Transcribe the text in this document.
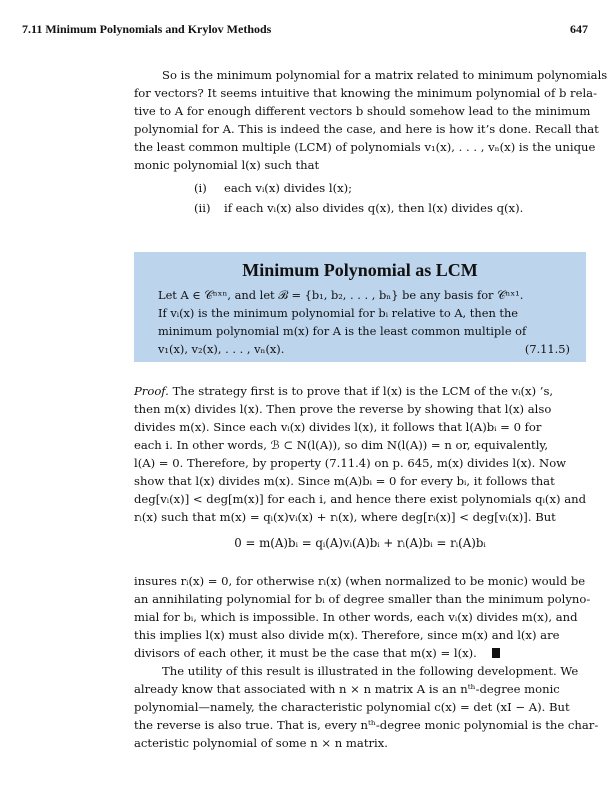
7.11 Minimum Polynomials and Krylov Methods	647
So is the minimum polynomial for a matrix related to minimum polynomials
for vectors? It seems intuitive that knowing the minimum polynomial of b rela-
tive to A for enough different vectors b should somehow lead to the minimum
polynomial for A. This is indeed the case, and here is how it’s done. Recall that
the least common multiple (LCM) of polynomials v₁(x), . . . , vₙ(x) is the unique
monic polynomial l(x) such that
(i)	each vᵢ(x) divides l(x);
(ii)	if each vᵢ(x) also divides q(x), then l(x) divides q(x).
Minimum Polynomial as LCM
Let A ∈ 𝒞ⁿˣⁿ, and let ℬ = {b₁, b₂, . . . , bₙ} be any basis for 𝒞ⁿˣ¹.
If vᵢ(x) is the minimum polynomial for bᵢ relative to A, then the
minimum polynomial m(x) for A is the least common multiple of
v₁(x), v₂(x), . . . , vₙ(x).	(7.11.5)
Proof. The strategy first is to prove that if l(x) is the LCM of the vᵢ(x) ’s,
then m(x) divides l(x). Then prove the reverse by showing that l(x) also
divides m(x). Since each vᵢ(x) divides l(x), it follows that l(A)bᵢ = 0 for
each i. In other words, ℬ ⊂ N(l(A)), so dim N(l(A)) = n or, equivalently,
l(A) = 0. Therefore, by property (7.11.4) on p. 645, m(x) divides l(x). Now
show that l(x) divides m(x). Since m(A)bᵢ = 0 for every bᵢ, it follows that
deg[vᵢ(x)] < deg[m(x)] for each i, and hence there exist polynomials qᵢ(x) and
rᵢ(x) such that m(x) = qᵢ(x)vᵢ(x) + rᵢ(x), where deg[rᵢ(x)] < deg[vᵢ(x)]. But
0 = m(A)bᵢ = qᵢ(A)vᵢ(A)bᵢ + rᵢ(A)bᵢ = rᵢ(A)bᵢ
insures rᵢ(x) = 0, for otherwise rᵢ(x) (when normalized to be monic) would be
an annihilating polynomial for bᵢ of degree smaller than the minimum polyno-
mial for bᵢ, which is impossible. In other words, each vᵢ(x) divides m(x), and
this implies l(x) must also divide m(x). Therefore, since m(x) and l(x) are
divisors of each other, it must be the case that m(x) = l(x).
The utility of this result is illustrated in the following development. We
already know that associated with n × n matrix A is an nᵗʰ-degree monic
polynomial—namely, the characteristic polynomial c(x) = det (xI − A). But
the reverse is also true. That is, every nᵗʰ-degree monic polynomial is the char-
acteristic polynomial of some n × n matrix.
